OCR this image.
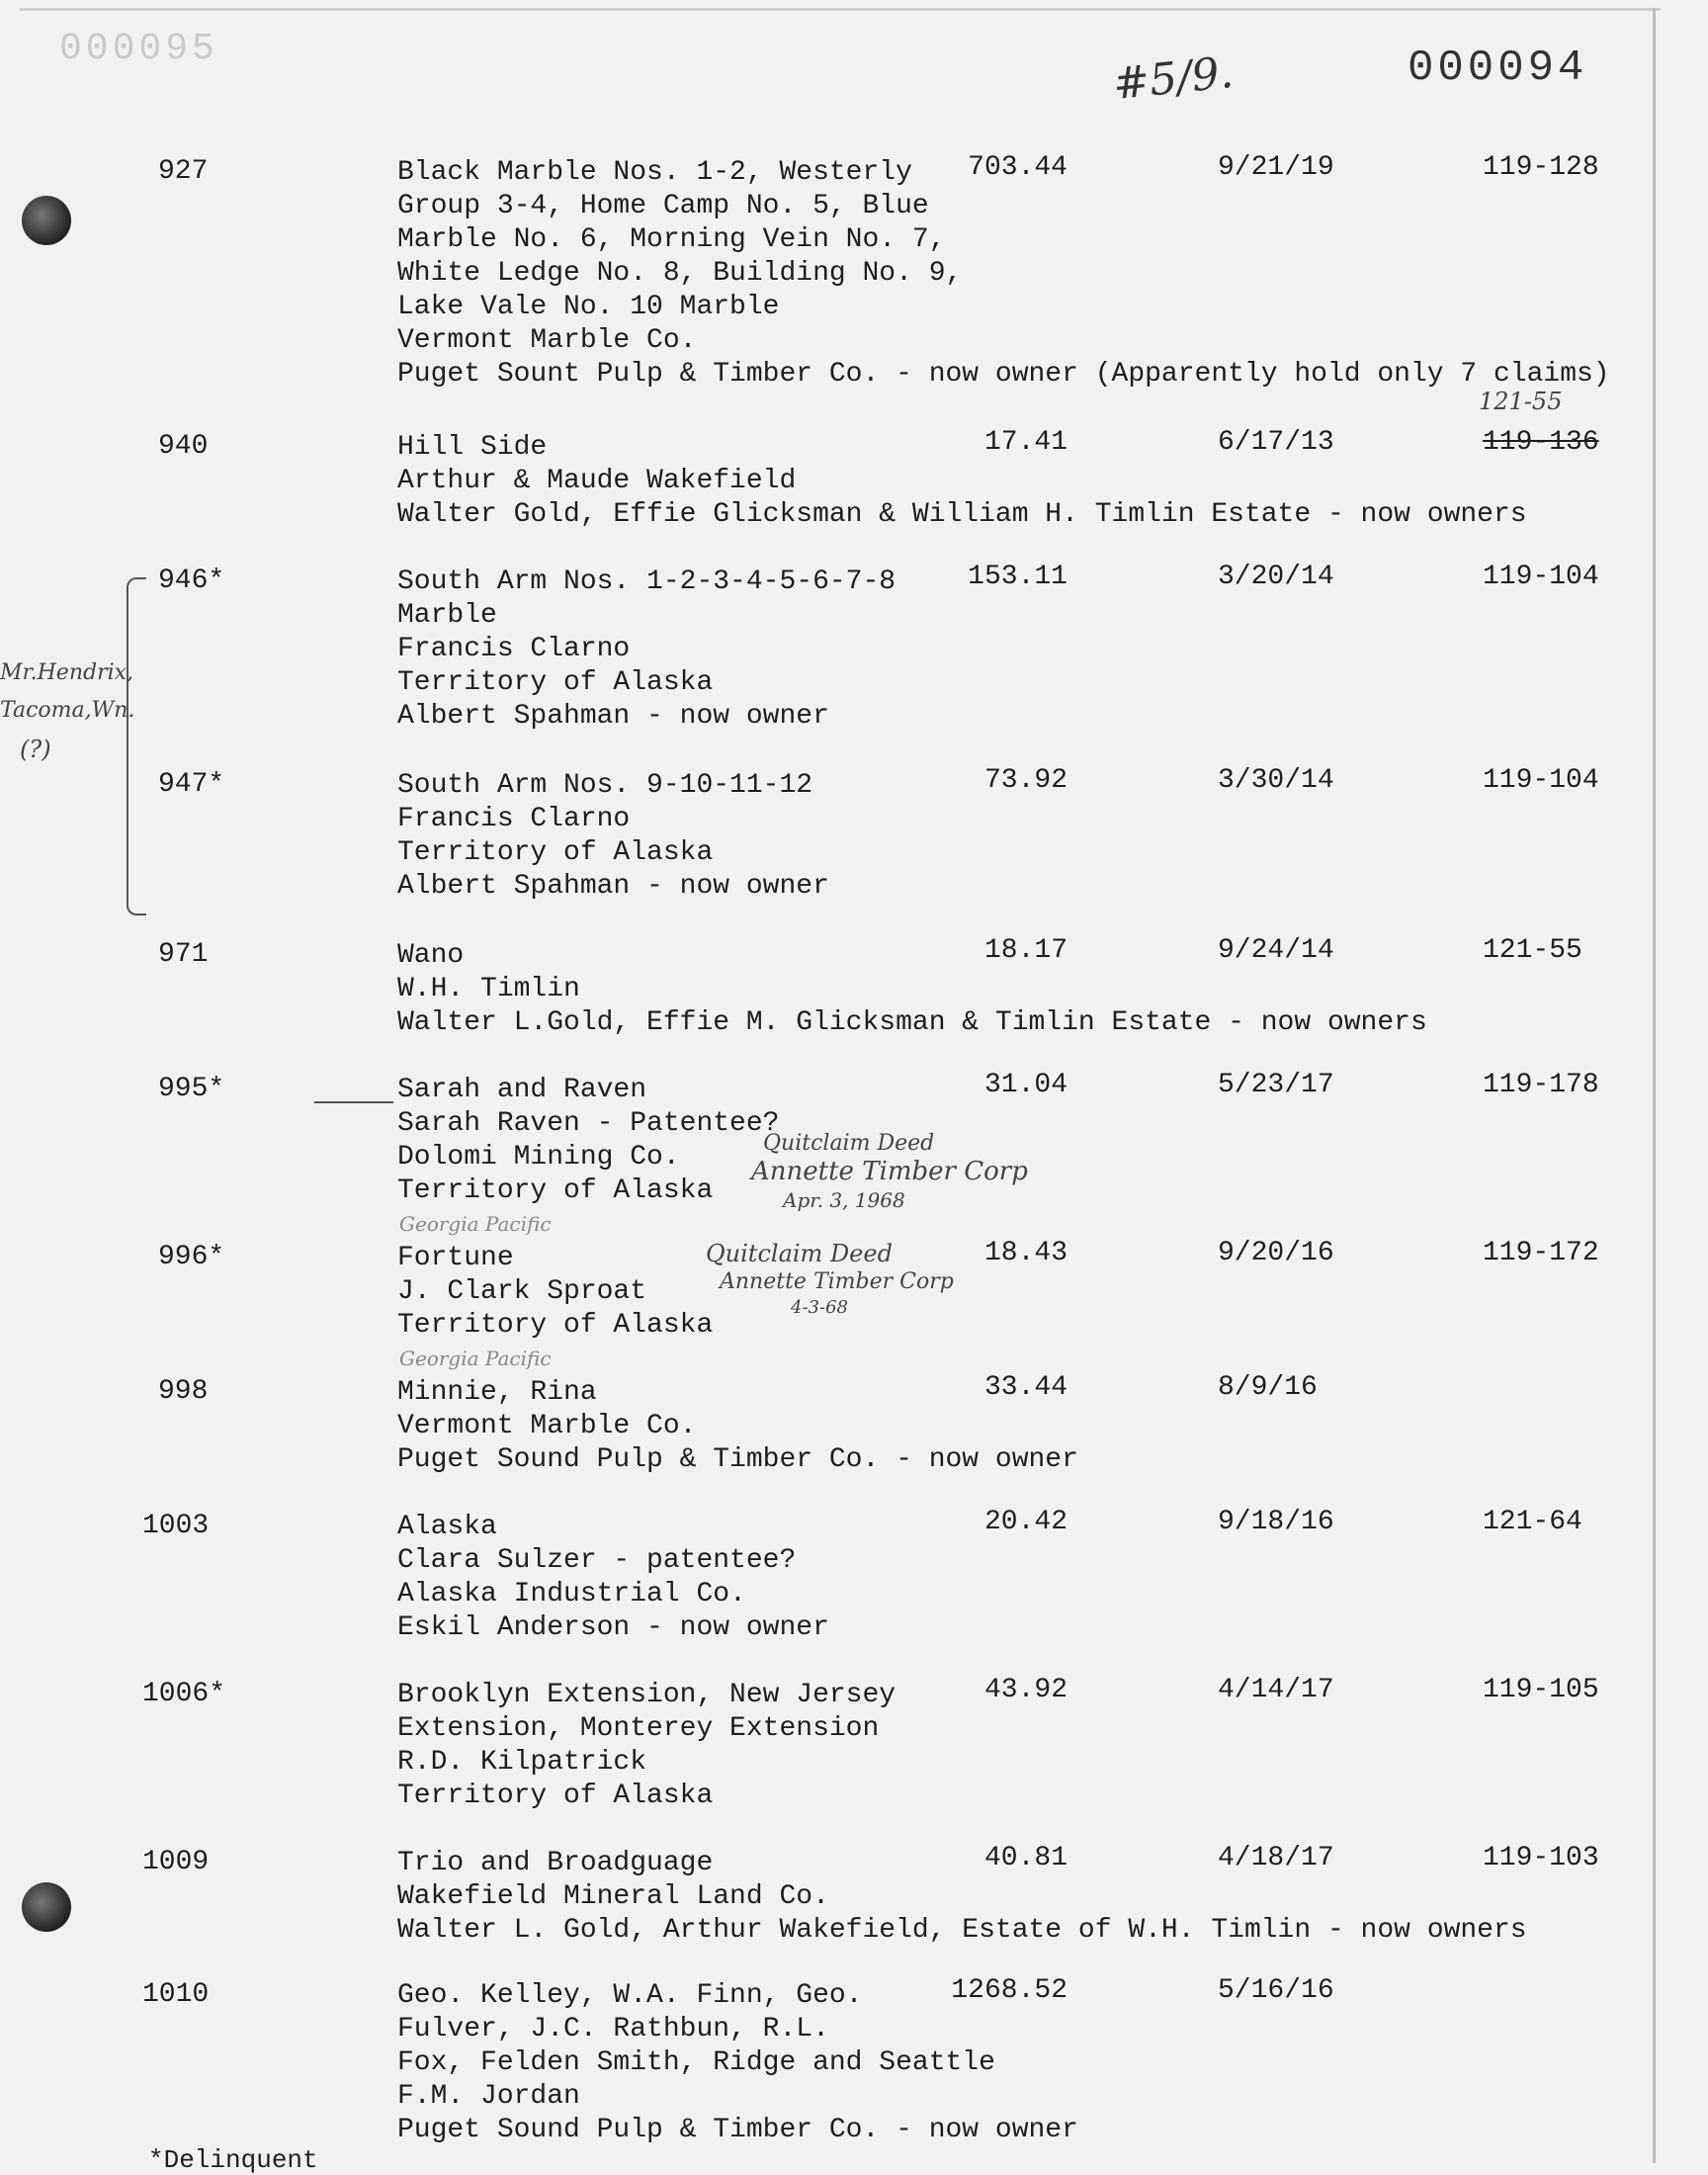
000095	#5/9.	000094
927	Black Marble Nos. 1-2, Westerly
Group 3-4, Home Camp No. 5, Blue
Marble No. 6, Morning Vein No. 7,
White Ledge No. 8, Building No. 9,
Lake Vale No. 10 Marble
Vermont Marble Co.
Puget Sount Pulp & Timber Co. - now owner (Apparently hold only 7 claims)
703.44	9/21/19	119-128
940	Hill Side
Arthur & Maude Wakefield
Walter Gold, Effie Glicksman & William H. Timlin Estate - now owners
17.41	6/17/13	119-136
121-55
946*	South Arm Nos. 1-2-3-4-5-6-7-8
Marble
Francis Clarno
Territory of Alaska
Albert Spahman - now owner
153.11	3/20/14	119-104
Mr.Hendrix,
Tacoma,Wn.
(?)
947*	South Arm Nos. 9-10-11-12
Francis Clarno
Territory of Alaska
Albert Spahman - now owner
73.92	3/30/14	119-104
971	Wano
W.H. Timlin
Walter L.Gold, Effie M. Glicksman & Timlin Estate - now owners
18.17	9/24/14	121-55
995*	Sarah and Raven
Sarah Raven - Patentee?
Dolomi Mining Co.
Territory of Alaska
31.04	5/23/17	119-178
Quitclaim Deed
Annette Timber Corp
Apr. 3, 1968
Georgia Pacific
996*	Fortune
J. Clark Sproat
Territory of Alaska
18.43	9/20/16	119-172
Quitclaim Deed
Annette Timber Corp
4-3-68
Georgia Pacific
998	Minnie, Rina
Vermont Marble Co.
Puget Sound Pulp & Timber Co. - now owner
33.44	8/9/16
1003	Alaska
Clara Sulzer - patentee?
Alaska Industrial Co.
Eskil Anderson - now owner
20.42	9/18/16	121-64
1006*	Brooklyn Extension, New Jersey
Extension, Monterey Extension
R.D. Kilpatrick
Territory of Alaska
43.92	4/14/17	119-105
1009	Trio and Broadguage
Wakefield Mineral Land Co.
Walter L. Gold, Arthur Wakefield, Estate of W.H. Timlin - now owners
40.81	4/18/17	119-103
1010	Geo. Kelley, W.A. Finn, Geo.
Fulver, J.C. Rathbun, R.L.
Fox, Felden Smith, Ridge and Seattle
F.M. Jordan
Puget Sound Pulp & Timber Co. - now owner
1268.52	5/16/16
*Delinquent
